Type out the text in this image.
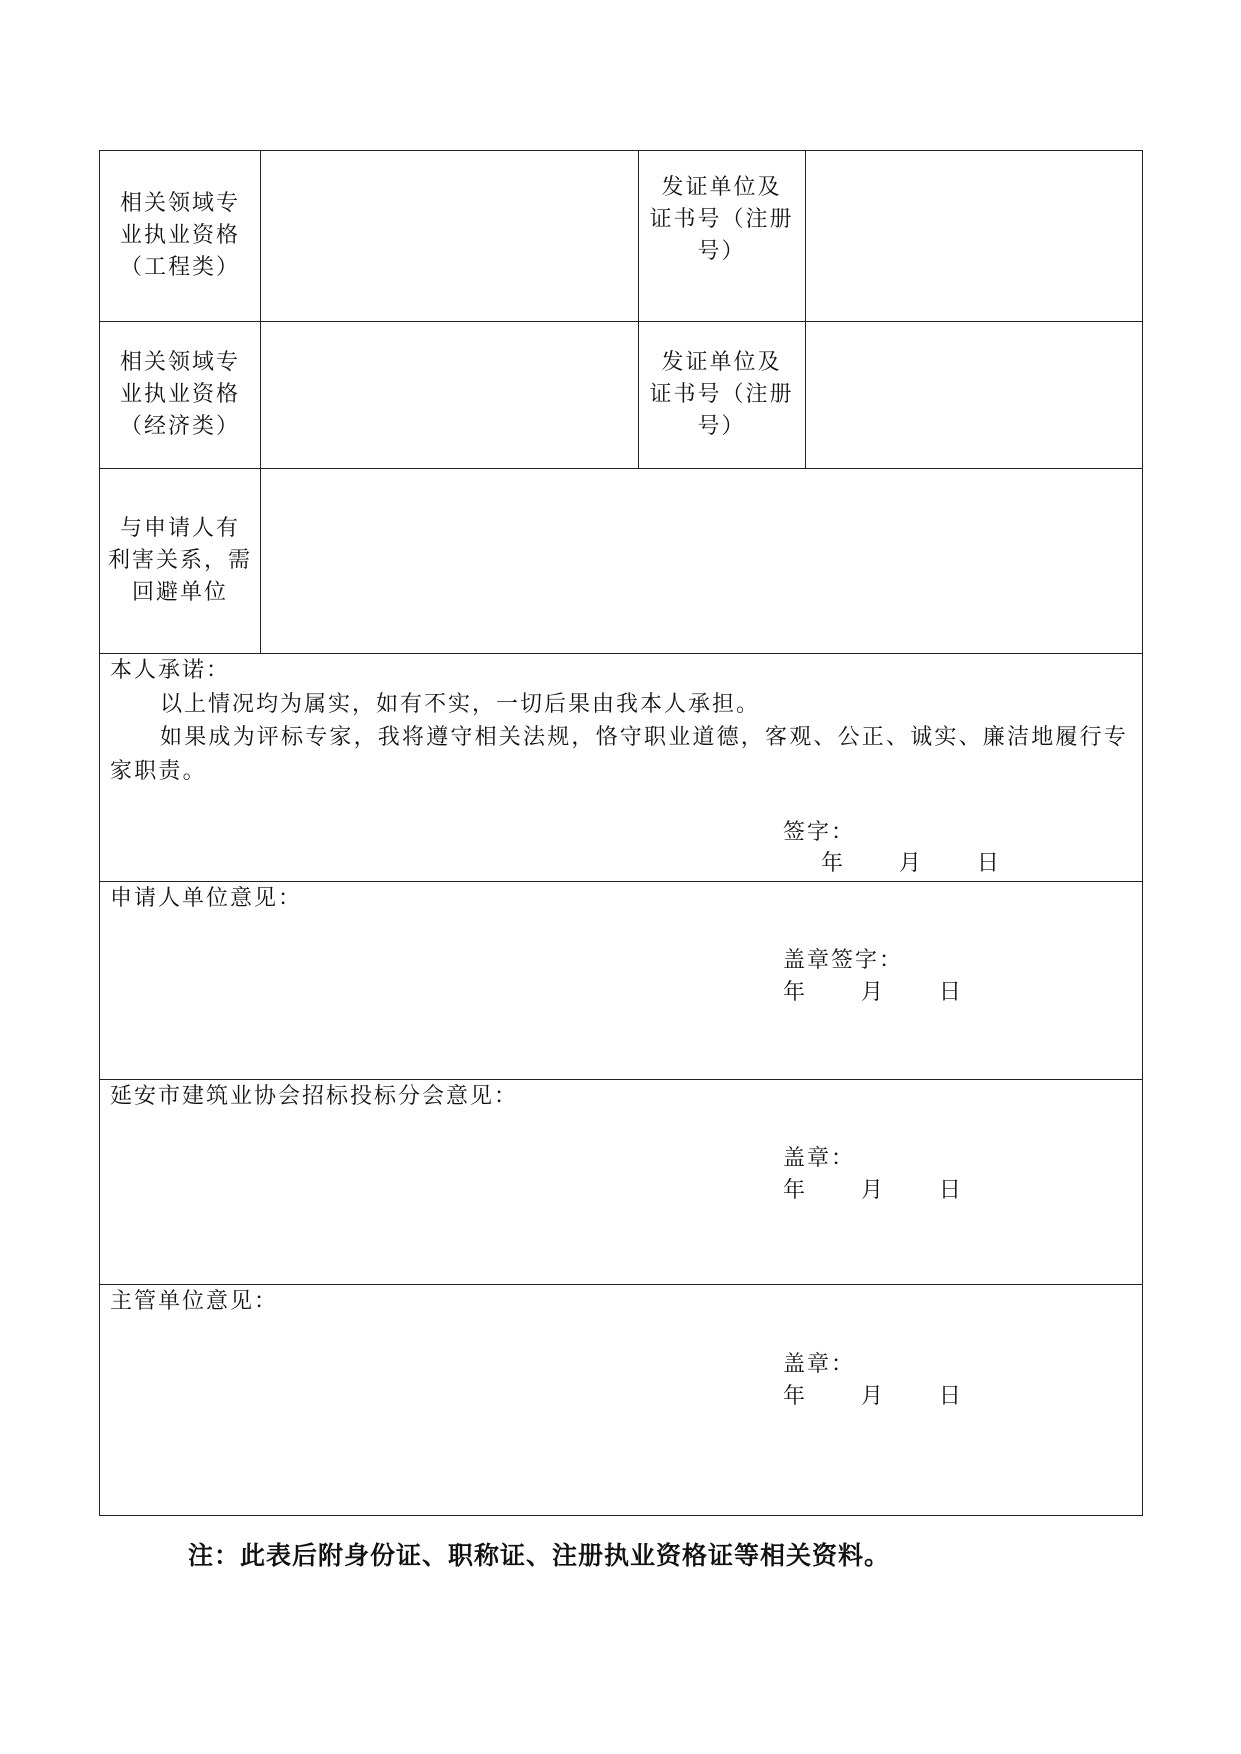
相关领域专
业执业资格
（工程类）
发证单位及
证书号（注册
号）
相关领域专
业执业资格
（经济类）
发证单位及
证书号（注册
号）
与申请人有
利害关系，需
回避单位
本人承诺：
以上情况均为属实，如有不实，一切后果由我本人承担。
如果成为评标专家，我将遵守相关法规，恪守职业道德，客观、公正、诚实、廉洁地履行专家职责。
签字：
年        月        日
申请人单位意见：
盖章签字：
年        月        日
延安市建筑业协会招标投标分会意见：
盖章：
年        月        日
主管单位意见：
盖章：
年        月        日
注：此表后附身份证、职称证、注册执业资格证等相关资料。
